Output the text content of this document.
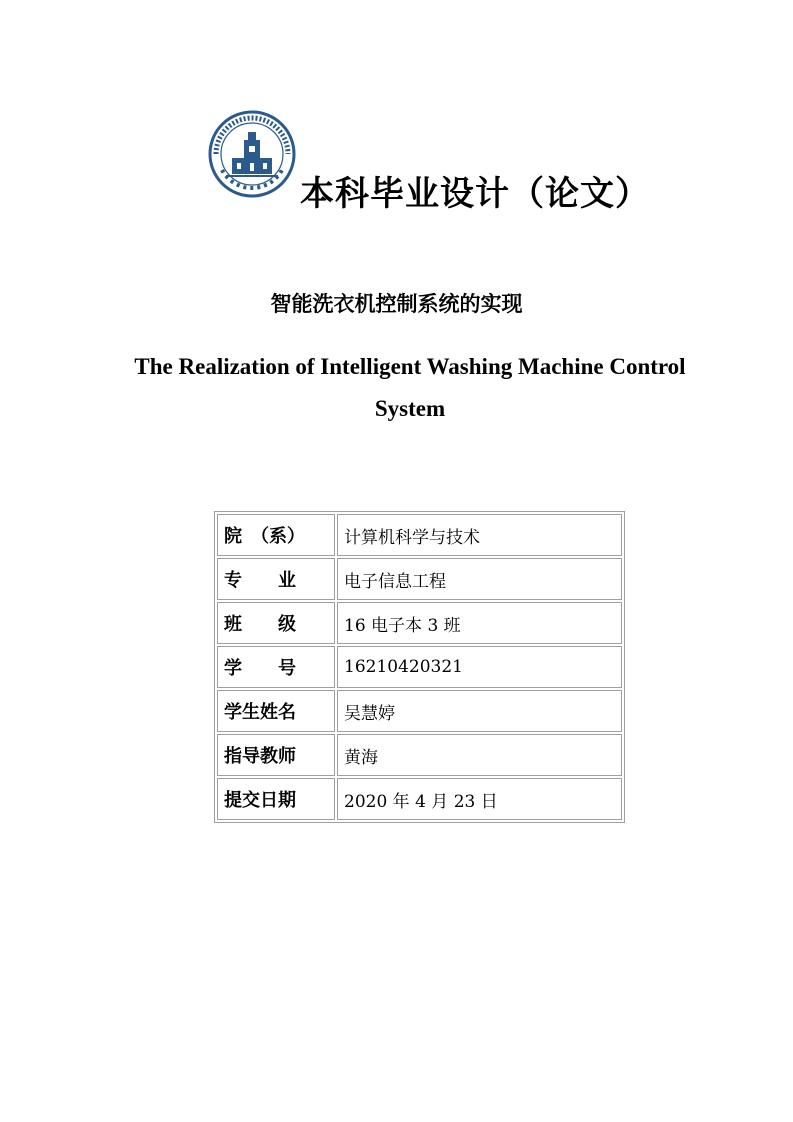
本科毕业设计（论文）
智能洗衣机控制系统的实现
The Realization of Intelligent Washing Machine Control System
院　（系）	计算机科学与技术

专　　业	电子信息工程

班　　级	16 电子本 3 班

学　　号	16210420321

学生姓名	吴慧婷

指导教师	黄海

提交日期	2020 年 4 月 23 日
